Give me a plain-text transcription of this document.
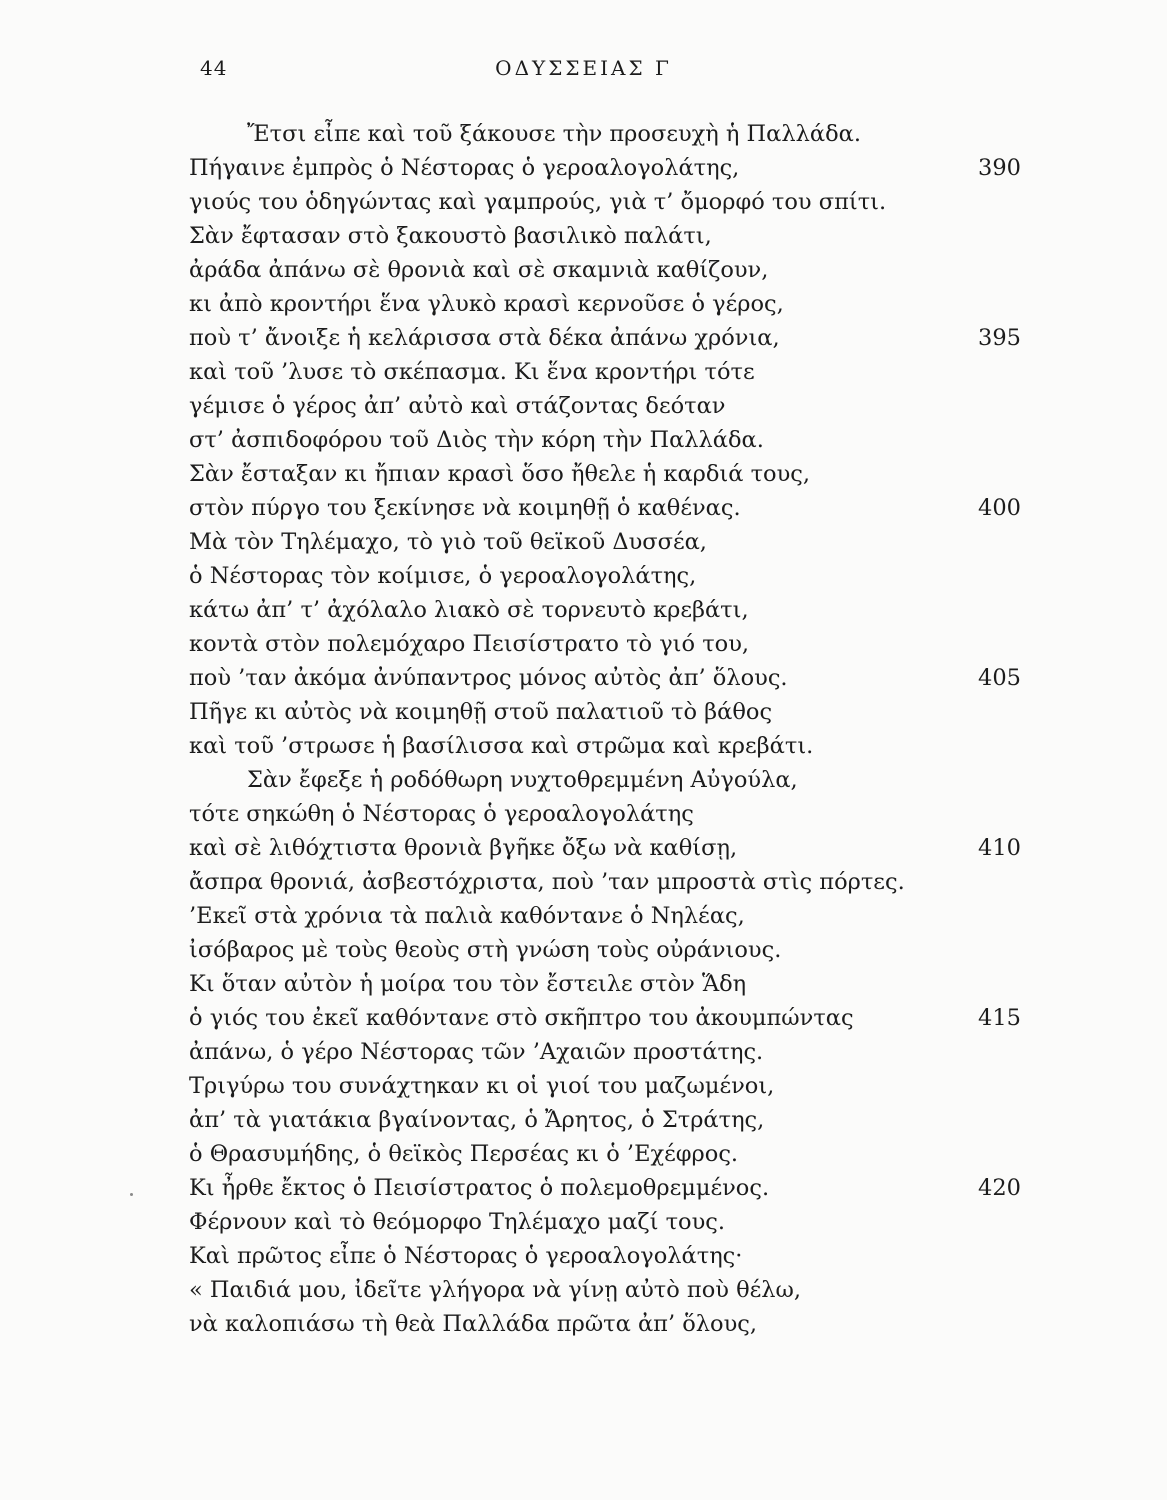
44	ΟΔΥΣΣΕΙΑΣ Γ
Ἔτσι εἶπε καὶ τοῦ ξάκουσε τὴν προσευχὴ ἡ Παλλάδα.
Πήγαινε ἐμπρὸς ὁ Νέστορας ὁ γεροαλογολάτης,	390
γιούς του ὁδηγώντας καὶ γαμπρούς, γιὰ τ’ ὄμορφό του σπίτι.
Σὰν ἔφτασαν στὸ ξακουστὸ βασιλικὸ παλάτι,
ἀράδα ἀπάνω σὲ θρονιὰ καὶ σὲ σκαμνιὰ καθίζουν,
κι ἀπὸ κροντήρι ἕνα γλυκὸ κρασὶ κερνοῦσε ὁ γέρος,
ποὺ τ’ ἄνοιξε ἡ κελάρισσα στὰ δέκα ἀπάνω χρόνια,	395
καὶ τοῦ ’λυσε τὸ σκέπασμα. Κι ἕνα κροντήρι τότε
γέμισε ὁ γέρος ἀπ’ αὐτὸ καὶ στάζοντας δεόταν
στ’ ἀσπιδοφόρου τοῦ Διὸς τὴν κόρη τὴν Παλλάδα.
Σὰν ἔσταξαν κι ἤπιαν κρασὶ ὅσο ἤθελε ἡ καρδιά τους,
στὸν πύργο του ξεκίνησε νὰ κοιμηθῇ ὁ καθένας.	400
Μὰ τὸν Τηλέμαχο, τὸ γιὸ τοῦ θεϊκοῦ Δυσσέα,
ὁ Νέστορας τὸν κοίμισε, ὁ γεροαλογολάτης,
κάτω ἀπ’ τ’ ἀχόλαλο λιακὸ σὲ τορνευτὸ κρεβάτι,
κοντὰ στὸν πολεμόχαρο Πεισίστρατο τὸ γιό του,
ποὺ ’ταν ἀκόμα ἀνύπαντρος μόνος αὐτὸς ἀπ’ ὅλους.	405
Πῆγε κι αὐτὸς νὰ κοιμηθῇ στοῦ παλατιοῦ τὸ βάθος
καὶ τοῦ ’στρωσε ἡ βασίλισσα καὶ στρῶμα καὶ κρεβάτι.
Σὰν ἔφεξε ἡ ροδόθωρη νυχτοθρεμμένη Αὐγούλα,
τότε σηκώθη ὁ Νέστορας ὁ γεροαλογολάτης
καὶ σὲ λιθόχτιστα θρονιὰ βγῆκε ὄξω νὰ καθίσῃ,	410
ἄσπρα θρονιά, ἀσβεστόχριστα, ποὺ ’ταν μπροστὰ στὶς πόρτες.
’Εκεῖ στὰ χρόνια τὰ παλιὰ καθόντανε ὁ Νηλέας,
ἰσόβαρος μὲ τοὺς θεοὺς στὴ γνώση τοὺς οὐράνιους.
Κι ὅταν αὐτὸν ἡ μοίρα του τὸν ἔστειλε στὸν Ἅδη
ὁ γιός του ἐκεῖ καθόντανε στὸ σκῆπτρο του ἀκουμπώντας	415
ἀπάνω, ὁ γέρο Νέστορας τῶν ’Αχαιῶν προστάτης.
Τριγύρω του συνάχτηκαν κι οἱ γιοί του μαζωμένοι,
ἀπ’ τὰ γιατάκια βγαίνοντας, ὁ Ἄρητος, ὁ Στράτης,
ὁ Θρασυμήδης, ὁ θεϊκὸς Περσέας κι ὁ ’Εχέφρος.
Κι ἦρθε ἔκτος ὁ Πεισίστρατος ὁ πολεμοθρεμμένος.	420
Φέρνουν καὶ τὸ θεόμορφο Τηλέμαχο μαζί τους.
Καὶ πρῶτος εἶπε ὁ Νέστορας ὁ γεροαλογολάτης·
« Παιδιά μου, ἰδεῖτε γλήγορα νὰ γίνῃ αὐτὸ ποὺ θέλω,
νὰ καλοπιάσω τὴ θεὰ Παλλάδα πρῶτα ἀπ’ ὅλους,
